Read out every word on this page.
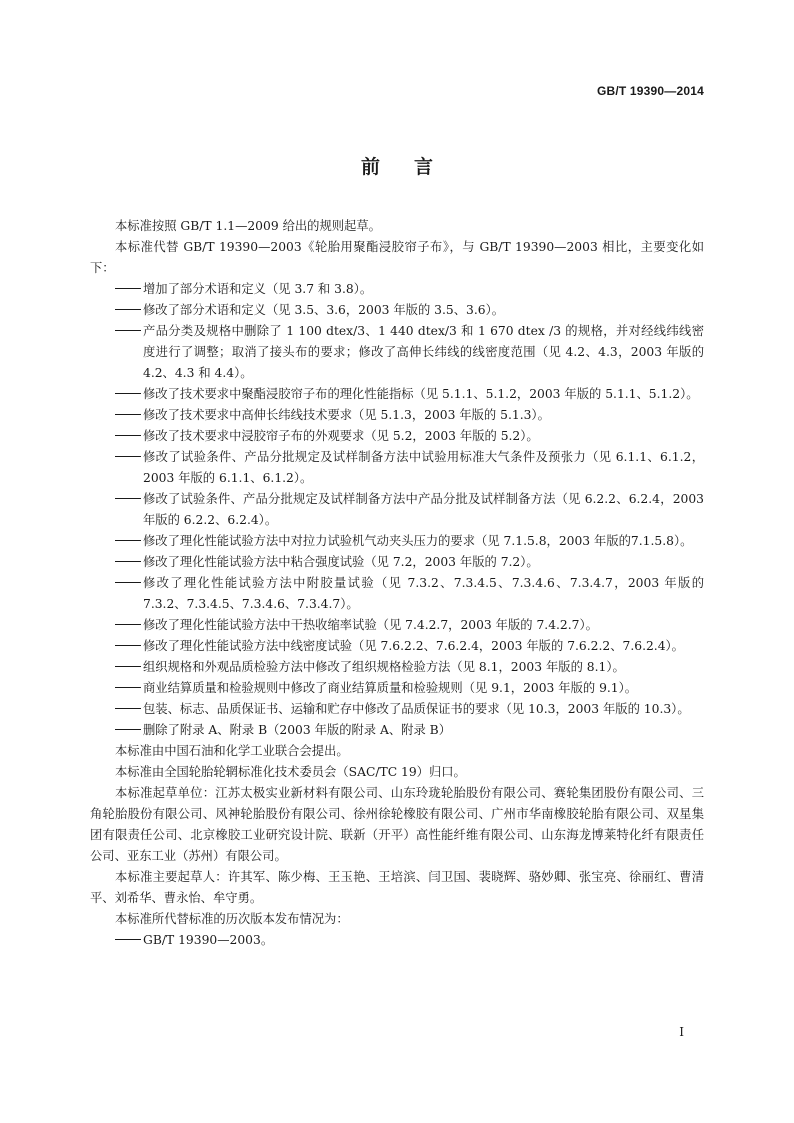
GB/T 19390—2014
前言

本标准按照 GB/T 1.1—2009 给出的规则起草。

本标准代替 GB/T 19390—2003《轮胎用聚酯浸胶帘子布》，与 GB/T 19390—2003 相比，主要变化如下：

增加了部分术语和定义（见 3.7 和 3.8）。
修改了部分术语和定义（见 3.5、3.6，2003 年版的 3.5、3.6）。
产品分类及规格中删除了 1 100 dtex/3、1 440 dtex/3 和 1 670 dtex /3 的规格，并对经线纬线密度进行了调整；取消了接头布的要求；修改了高伸长纬线的线密度范围（见 4.2、4.3，2003 年版的 4.2、4.3 和 4.4）。
修改了技术要求中聚酯浸胶帘子布的理化性能指标（见 5.1.1、5.1.2，2003 年版的 5.1.1、5.1.2）。
修改了技术要求中高伸长纬线技术要求（见 5.1.3，2003 年版的 5.1.3）。
修改了技术要求中浸胶帘子布的外观要求（见 5.2，2003 年版的 5.2）。
修改了试验条件、产品分批规定及试样制备方法中试验用标准大气条件及预张力（见 6.1.1、6.1.2，2003 年版的 6.1.1、6.1.2）。
修改了试验条件、产品分批规定及试样制备方法中产品分批及试样制备方法（见 6.2.2、6.2.4，2003 年版的 6.2.2、6.2.4）。
修改了理化性能试验方法中对拉力试验机气动夹头压力的要求（见 7.1.5.8，2003 年版的7.1.5.8）。
修改了理化性能试验方法中粘合强度试验（见 7.2，2003 年版的 7.2）。
修改了理化性能试验方法中附胶量试验（见 7.3.2、7.3.4.5、7.3.4.6、7.3.4.7，2003 年版的 7.3.2、7.3.4.5、7.3.4.6、7.3.4.7）。
修改了理化性能试验方法中干热收缩率试验（见 7.4.2.7，2003 年版的 7.4.2.7）。
修改了理化性能试验方法中线密度试验（见 7.6.2.2、7.6.2.4，2003 年版的 7.6.2.2、7.6.2.4）。
组织规格和外观品质检验方法中修改了组织规格检验方法（见 8.1，2003 年版的 8.1）。
商业结算质量和检验规则中修改了商业结算质量和检验规则（见 9.1，2003 年版的 9.1）。
包装、标志、品质保证书、运输和贮存中修改了品质保证书的要求（见 10.3，2003 年版的 10.3）。
删除了附录 A、附录 B（2003 年版的附录 A、附录 B）

本标准由中国石油和化学工业联合会提出。

本标准由全国轮胎轮辋标准化技术委员会（SAC/TC 19）归口。

本标准起草单位：江苏太极实业新材料有限公司、山东玲珑轮胎股份有限公司、赛轮集团股份有限公司、三角轮胎股份有限公司、风神轮胎股份有限公司、徐州徐轮橡胶有限公司、广州市华南橡胶轮胎有限公司、双星集团有限责任公司、北京橡胶工业研究设计院、联新（开平）高性能纤维有限公司、山东海龙博莱特化纤有限责任公司、亚东工业（苏州）有限公司。

本标准主要起草人：许其军、陈少梅、王玉艳、王培滨、闫卫国、裴晓辉、骆妙卿、张宝亮、徐丽红、曹清平、刘希华、曹永怡、牟守勇。

本标准所代替标准的历次版本发布情况为：

GB/T 19390—2003。
I
